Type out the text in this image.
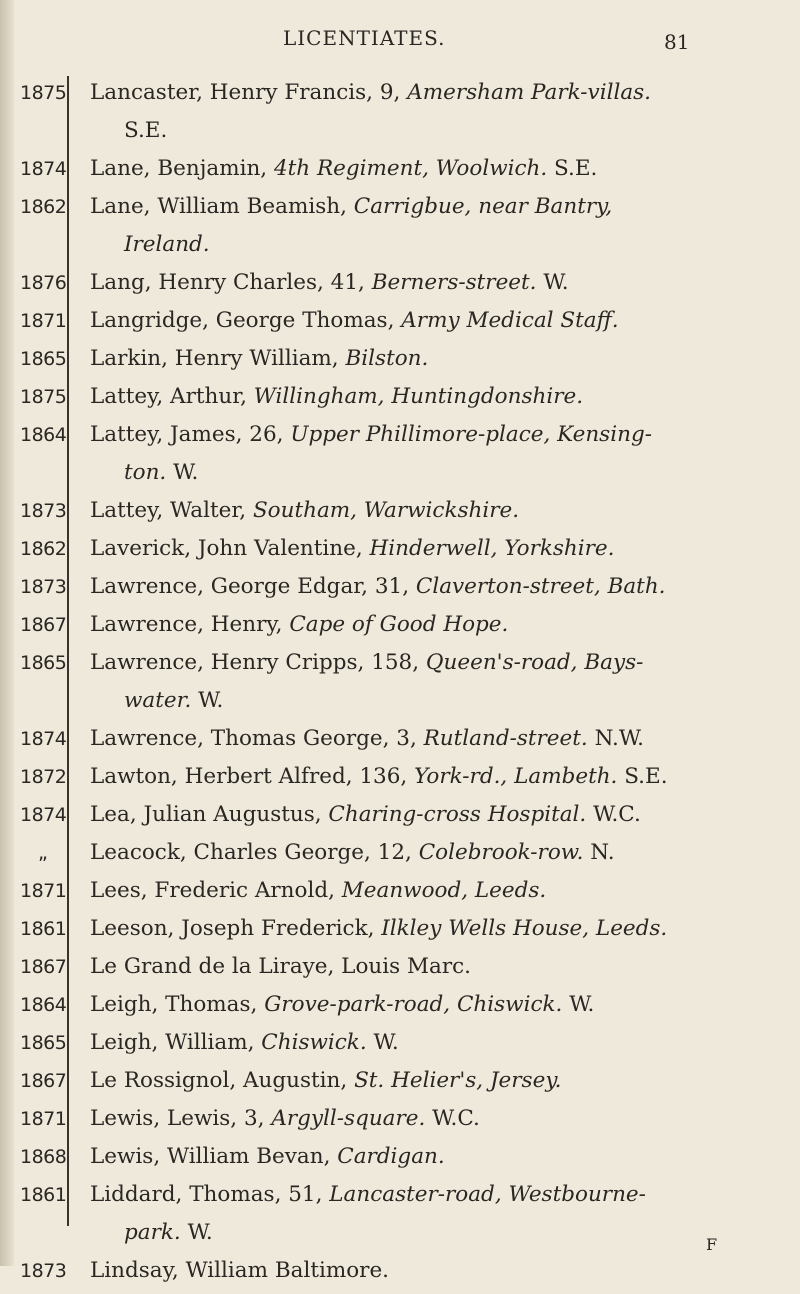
LICENTIATES.	81
1875 Lancaster, Henry Francis, 9, Amersham Park-villas.
S.E.
1874 Lane, Benjamin, 4th Regiment, Woolwich. S.E.
1862 Lane, William Beamish, Carrigbue, near Bantry,
Ireland.
1876 Lang, Henry Charles, 41, Berners-street. W.
1871 Langridge, George Thomas, Army Medical Staff.
1865 Larkin, Henry William, Bilston.
1875 Lattey, Arthur, Willingham, Huntingdonshire.
1864 Lattey, James, 26, Upper Phillimore-place, Kensing-
ton. W.
1873 Lattey, Walter, Southam, Warwickshire.
1862 Laverick, John Valentine, Hinderwell, Yorkshire.
1873 Lawrence, George Edgar, 31, Claverton-street, Bath.
1867 Lawrence, Henry, Cape of Good Hope.
1865 Lawrence, Henry Cripps, 158, Queen's-road, Bays-
water. W.
1874 Lawrence, Thomas George, 3, Rutland-street. N.W.
1872 Lawton, Herbert Alfred, 136, York-rd., Lambeth. S.E.
1874 Lea, Julian Augustus, Charing-cross Hospital. W.C.
„	Leacock, Charles George, 12, Colebrook-row. N.
1871 Lees, Frederic Arnold, Meanwood, Leeds.
1861 Leeson, Joseph Frederick, Ilkley Wells House, Leeds.
1867 Le Grand de la Liraye, Louis Marc.
1864 Leigh, Thomas, Grove-park-road, Chiswick. W.
1865 Leigh, William, Chiswick. W.
1867 Le Rossignol, Augustin, St. Helier's, Jersey.
1871 Lewis, Lewis, 3, Argyll-square. W.C.
1868 Lewis, William Bevan, Cardigan.
1861 Liddard, Thomas, 51, Lancaster-road, Westbourne-
park. W.
1873 Lindsay, William Baltimore.
F
